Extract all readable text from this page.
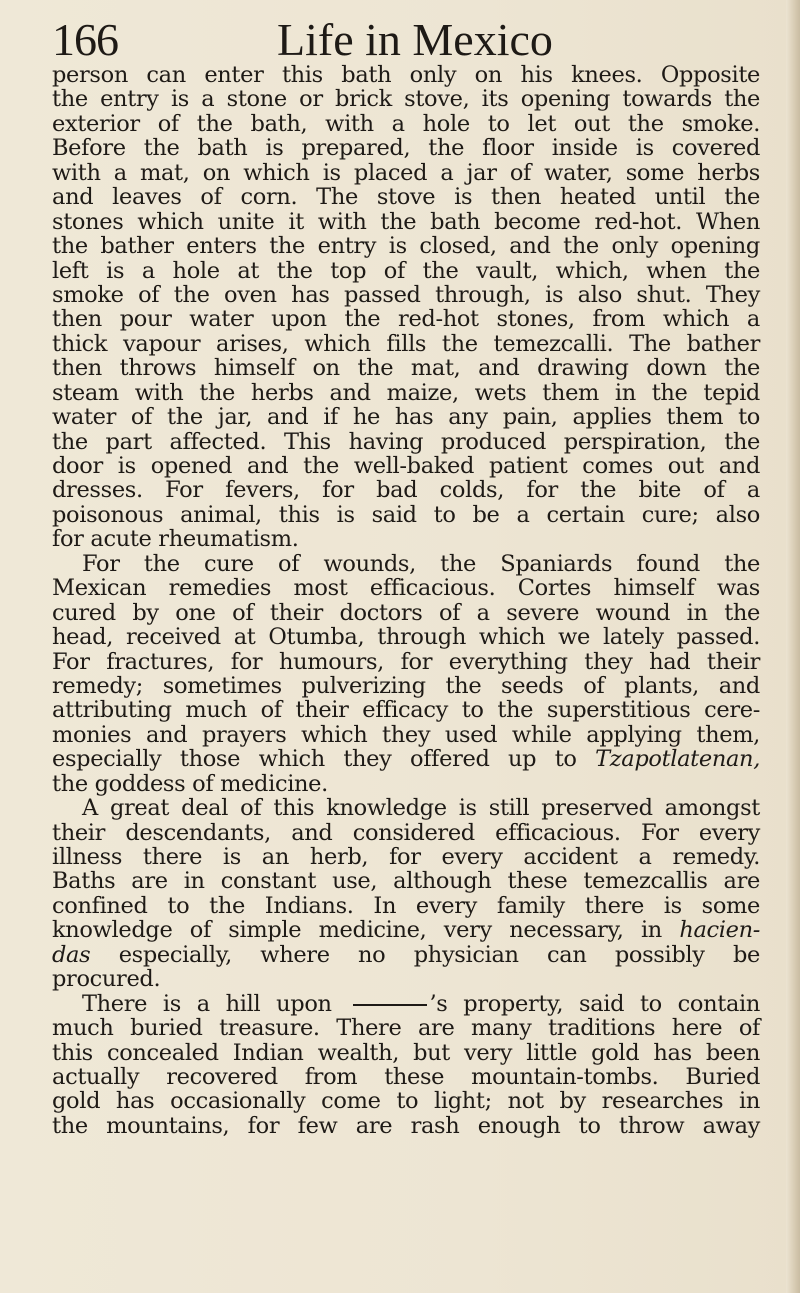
166	Life in Mexico
person can enter this bath only on his knees. Opposite
the entry is a stone or brick stove, its opening towards the
exterior of the bath, with a hole to let out the smoke.
Before the bath is prepared, the floor inside is covered
with a mat, on which is placed a jar of water, some herbs
and leaves of corn. The stove is then heated until the
stones which unite it with the bath become red-hot. When
the bather enters the entry is closed, and the only opening
left is a hole at the top of the vault, which, when the
smoke of the oven has passed through, is also shut. They
then pour water upon the red-hot stones, from which a
thick vapour arises, which fills the temezcalli. The bather
then throws himself on the mat, and drawing down the
steam with the herbs and maize, wets them in the tepid
water of the jar, and if he has any pain, applies them to
the part affected. This having produced perspiration, the
door is opened and the well-baked patient comes out and
dresses. For fevers, for bad colds, for the bite of a
poisonous animal, this is said to be a certain cure; also
for acute rheumatism.
For the cure of wounds, the Spaniards found the
Mexican remedies most efficacious. Cortes himself was
cured by one of their doctors of a severe wound in the
head, received at Otumba, through which we lately passed.
For fractures, for humours, for everything they had their
remedy; sometimes pulverizing the seeds of plants, and
attributing much of their efficacy to the superstitious cere-
monies and prayers which they used while applying them,
especially those which they offered up to Tzapotlatenan,
the goddess of medicine.
A great deal of this knowledge is still preserved amongst
their descendants, and considered efficacious. For every
illness there is an herb, for every accident a remedy.
Baths are in constant use, although these temezcallis are
confined to the Indians. In every family there is some
knowledge of simple medicine, very necessary, in hacien-
das especially, where no physician can possibly be
procured.
There is a hill upon	’s property, said to contain
much buried treasure. There are many traditions here of
this concealed Indian wealth, but very little gold has been
actually recovered from these mountain-tombs. Buried
gold has occasionally come to light; not by researches in
the mountains, for few are rash enough to throw away
